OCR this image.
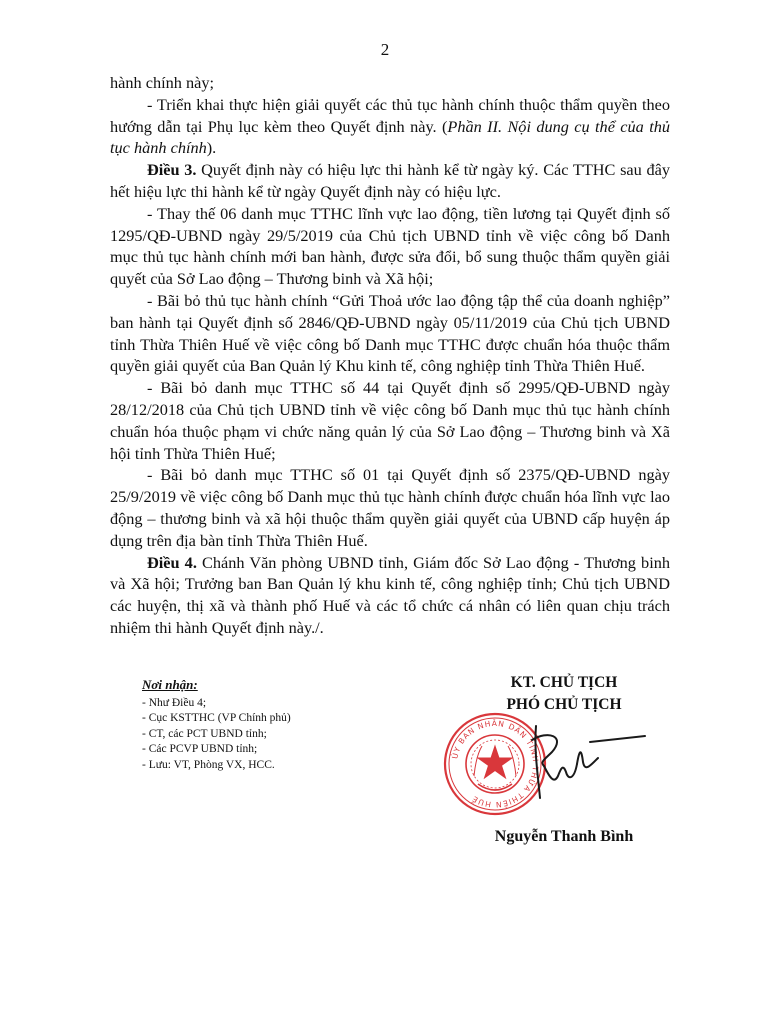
2

hành chính này;

- Triển khai thực hiện giải quyết các thủ tục hành chính thuộc thẩm quyền theo hướng dẫn tại Phụ lục kèm theo Quyết định này. (Phần II. Nội dung cụ thể của thủ tục hành chính).

Điều 3. Quyết định này có hiệu lực thi hành kể từ ngày ký. Các TTHC sau đây hết hiệu lực thi hành kể từ ngày Quyết định này có hiệu lực.

- Thay thế 06 danh mục TTHC lĩnh vực lao động, tiền lương tại Quyết định số 1295/QĐ-UBND ngày 29/5/2019 của Chủ tịch UBND tỉnh về việc công bố Danh mục thủ tục hành chính mới ban hành, được sửa đổi, bổ sung thuộc thẩm quyền giải quyết của Sở Lao động – Thương binh và Xã hội;

- Bãi bỏ thủ tục hành chính “Gửi Thoả ước lao động tập thể của doanh nghiệp” ban hành tại Quyết định số 2846/QĐ-UBND ngày 05/11/2019 của Chủ tịch UBND tỉnh Thừa Thiên Huế về việc công bố Danh mục TTHC được chuẩn hóa thuộc thẩm quyền giải quyết của Ban Quản lý Khu kinh tế, công nghiệp tỉnh Thừa Thiên Huế.

- Bãi bỏ danh mục TTHC số 44 tại Quyết định số 2995/QĐ-UBND ngày 28/12/2018 của Chủ tịch UBND tỉnh về việc công bố Danh mục thủ tục hành chính chuẩn hóa thuộc phạm vi chức năng quản lý của Sở Lao động – Thương binh và Xã hội tỉnh Thừa Thiên Huế;

- Bãi bỏ danh mục TTHC số 01 tại Quyết định số 2375/QĐ-UBND ngày 25/9/2019 về việc công bố Danh mục thủ tục hành chính được chuẩn hóa lĩnh vực lao động – thương binh và xã hội thuộc thẩm quyền giải quyết của UBND cấp huyện áp dụng trên địa bàn tỉnh Thừa Thiên Huế.

Điều 4. Chánh Văn phòng UBND tỉnh, Giám đốc Sở Lao động - Thương binh và Xã hội; Trưởng ban Ban Quản lý khu kinh tế, công nghiệp tỉnh; Chủ tịch UBND các huyện, thị xã và thành phố Huế và các tổ chức cá nhân có liên quan chịu trách nhiệm thi hành Quyết định này./.

Nơi nhận:
- Như Điều 4;
- Cục KSTTHC (VP Chính phủ)
- CT, các PCT UBND tỉnh;
- Các PCVP UBND tỉnh;
- Lưu: VT, Phòng VX, HCC.
KT. CHỦ TỊCH
PHÓ CHỦ TỊCH
ỦY BAN NHÂN DÂN TỈNH THỪA THIÊN HUẾ
Nguyễn Thanh Bình
